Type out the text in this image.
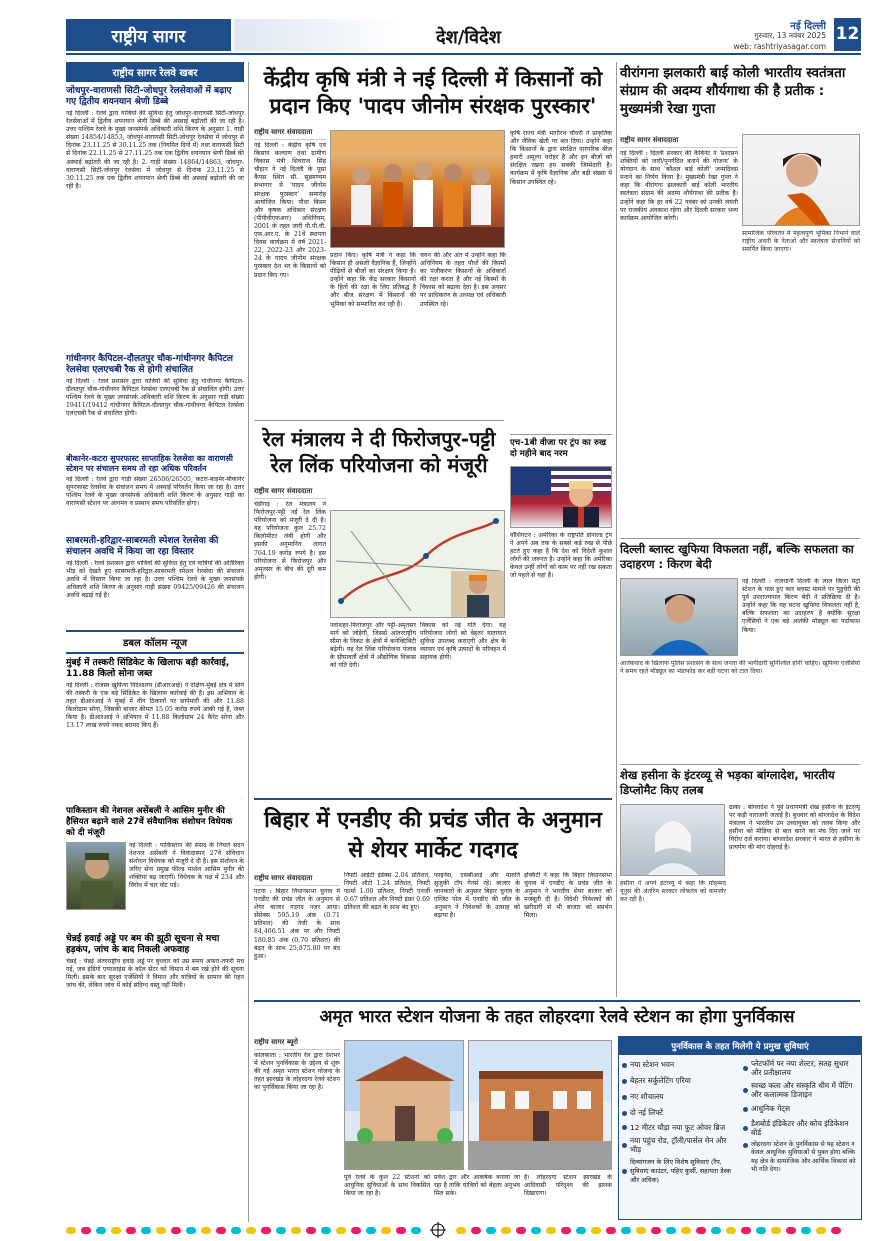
राष्ट्रीय सागर	देश/विदेश
नई दिल्ली
गुरुवार, 13 नवंबर 2025
web: rashtriyasagar.com
12
राष्ट्रीय सागर रेलवे खबर
जोधपुर-वाराणसी सिटी-जोधपुर रेलसेवाओं में बढ़ाए गए द्वितीय शयनयान श्रेणी डिब्बे
नई दिल्ली : रेलवे द्वारा यात्रियों की सुविधा हेतु जोधपुर-वाराणसी सिटी-जोधपुर रेलसेवाओं में द्वितीय शयनयान श्रेणी डिब्बे की अस्थाई बढ़ोतरी की जा रही है। उत्तर पश्चिम रेलवे के मुख्य जनसंपर्क अधिकारी शशि किरण के अनुसार 1. गाड़ी संख्या 14854/14853, जोधपुर-वाराणसी सिटी-जोधपुर रेलसेवा में जोधपुर से दिनांक 23.11.25 से 30.11.25 तक (नियमित दिनों में) तथा वाराणसी सिटी से दिनांक 22.11.25 से 27.11.25 तक एक द्वितीय शयनयान श्रेणी डिब्बे की अस्थाई बढ़ोतरी की जा रही है। 2. गाड़ी संख्या 14864/14863, जोधपुर-वाराणसी सिटी-जोधपुर रेलसेवा में जोधपुर से दिनांक 23.11.25 से 30.11.25 तक एक द्वितीय शयनयान श्रेणी डिब्बे की अस्थाई बढ़ोतरी की जा रही है।
गांधीनगर कैपिटल-दौलतपुर चौक-गांधीनगर कैपिटल रेलसेवा एलएचबी रैक से होगी संचालित
नई दिल्ली : रेलवे प्रशासन द्वारा यात्रियों की सुविधा हेतु गांधीनगर कैपिटल-दौलतपुर चौक-गांधीनगर कैपिटल रेलसेवा एलएचबी रैक से संचालित होगी। उत्तर पश्चिम रेलवे के मुख्य जनसंपर्क अधिकारी शशि किरण के अनुसार गाड़ी संख्या 19411/19412 गांधीनगर कैपिटल-दौलतपुर चौक-गांधीनगर कैपिटल रेलसेवा एलएचबी रैक से संचालित होगी।
बीकानेर-कटरा सुपरफास्ट साप्ताहिक रेलसेवा का वाराणसी स्टेशन पर संचालन समय तो रहा अधिक परिवर्तन
नई दिल्ली : रेलवे द्वारा गाड़ी संख्या 26506/26505, कटरा-बाड़मेर-बीकानेर सुपरफास्ट रेलसेवा के संचालन समय में अस्थाई परिवर्तन किया जा रहा है। उत्तर पश्चिम रेलवे के मुख्य जनसंपर्क अधिकारी शशि किरण के अनुसार गाड़ी का वाराणसी स्टेशन पर आगमन व प्रस्थान समय परिवर्तित होगा।
साबरमती-हरिद्वार-साबरमती स्पेशल रेलसेवा की संचालन अवधि में किया जा रहा विस्तार
नई दिल्ली : रेलवे प्रशासन द्वारा यात्रियों की सुविधा हेतु एवं यात्रियों की अतिरिक्त भीड़ को देखते हुए साबरमती-हरिद्वार-साबरमती स्पेशल रेलसेवा की संचालन अवधि में विस्तार किया जा रहा है। उत्तर पश्चिम रेलवे के मुख्य जनसंपर्क अधिकारी शशि किरण के अनुसार गाड़ी संख्या 09425/09426 की संचालन अवधि बढ़ाई गई है।
डबल कॉलम न्यूज
मुंबई में तस्करी सिंडिकेट के खिलाफ बड़ी कार्रवाई, 11.88 किलो सोना जब्त
नई दिल्ली : राजस्व खुफिया निदेशालय (डीआरआई) ने दक्षिण-मुंबई क्षेत्र में सोने की तस्करी के एक बड़े सिंडिकेट के खिलाफ कार्रवाई की है। इस अभियान के तहत डीआरआई ने मुंबई में तीन ठिकानों पर छापेमारी की और 11.88 किलोग्राम सोना, जिसकी बाजार कीमत 15.05 करोड़ रुपये आंकी गई है, जब्त किया है। डीआरआई ने अभियान में 11.88 किलोग्राम 24 कैरेट सोना और 13.17 लाख रुपये नकद बरामद किए हैं।
पाकिस्तान की नेशनल असेंबली ने आसिम मुनीर की हैसियत बढ़ाने वाले 27वें संवैधानिक संशोधन विधेयक को दी मंजूरी
नई दिल्ली : पाकिस्तान की संसद के निचले सदन नेशनल असेंबली ने विवादास्पद 27वें संविधान संशोधन विधेयक को मंजूरी दे दी है। इस संशोधन के जरिए सेना प्रमुख फील्ड मार्शल आसिम मुनीर की शक्तियां बढ़ जाएंगी। विधेयक के पक्ष में 234 और विरोध में चार वोट पड़े।
चेन्नई हवाई अड्डे पर बम की झूठी सूचना से मचा हड़कंप, जांच के बाद निकली अफवाह
चेन्नई : चेन्नई अंतरराष्ट्रीय हवाई अड्डे पर बुधवार को उस समय अफरा-तफरी मच गई, जब इंडिगो एयरलाइंस के कॉल सेंटर को विमान में बम रखे होने की सूचना मिली। इसके बाद सुरक्षा एजेंसियों ने विमान और यात्रियों के सामान की गहन जांच की, लेकिन जांच में कोई संदिग्ध वस्तु नहीं मिली।
केंद्रीय कृषि मंत्री ने नई दिल्ली में किसानों को प्रदान किए 'पादप जीनोम संरक्षक पुरस्कार'
राष्ट्रीय सागर संवाददाता
नई दिल्ली : केंद्रीय कृषि एवं किसान कल्याण तथा ग्रामीण विकास मंत्री शिवराज सिंह चौहान ने नई दिल्ली के पूसा कैंपस स्थित सी. सुब्रमण्यम सभागार में 'पादप जीनोम संरक्षक पुरस्कार' समारोह आयोजित किया। पौधा किस्म और कृषक अधिकार संरक्षण (पीपीवीएफआर) अधिनियम, 2001 के तहत जारी पी.पी.वी. एफ.आर.ए. के 21वें स्थापना दिवस कार्यक्रम में वर्ष 2021-22, 2022-23 और 2023-24 के पादप जीनोम संरक्षक पुरस्कार देश भर के किसानों को प्रदान किए गए।
प्रदान किए। कृषि मंत्री ने कहा कि किसान ही असली वैज्ञानिक हैं, जिन्होंने पीढ़ियों से बीजों का संरक्षण किया है। उन्होंने कहा कि केंद्र सरकार किसानों के हितों की रक्षा के लिए प्रतिबद्ध है और बीज संरक्षण में किसानों की भूमिका को सम्मानित कर रही है।
चयन की और अंत में उन्होंने कहा कि अधिनियम के तहत पौधों की किस्मों का पंजीकरण किसानों के अधिकारों की रक्षा करता है और नई किस्मों के विकास को बढ़ावा देता है। इस अवसर पर प्राधिकरण के अध्यक्ष एवं अधिकारी उपस्थित रहे।
कृषि राज्य मंत्री भागीरथ चौधरी ने प्राकृतिक और जैविक खेती पर बल दिया। उन्होंने कहा कि किसानों के द्वारा संरक्षित पारंपरिक बीज हमारी अमूल्य धरोहर हैं और इन बीजों को संरक्षित रखना हम सबकी जिम्मेदारी है। कार्यक्रम में कृषि वैज्ञानिक और बड़ी संख्या में किसान उपस्थित रहे।
रेल मंत्रालय ने दी फिरोजपुर-पट्टी रेल लिंक परियोजना को मंजूरी
राष्ट्रीय सागर संवाददाता
चंडीगढ़ : रेल मंत्रालय ने फिरोजपुर-पट्टी नई रेल लिंक परियोजना को मंजूरी दे दी है। यह परियोजना कुल 25.72 किलोमीटर लंबी होगी और इसकी अनुमानित लागत 764.19 करोड़ रुपये है। इस परियोजना से फिरोजपुर और अमृतसर के बीच की दूरी कम होगी।
नवांशहर-फिरोजपुर और पट्टी-अमृतसर मार्ग को जोड़ेगी, जिससे आंतरराष्ट्रीय सीमा के निकट के क्षेत्रों में कनेक्टिविटी बढ़ेगी। यह रेल लिंक परियोजना पंजाब के सीमावर्ती क्षेत्रों में औद्योगिक विकास को गति देगी।
विकास को नई गति देगा। यह परियोजना लोगों को बेहतर यातायात सुविधा उपलब्ध कराएगी और क्षेत्र के व्यापार एवं कृषि उत्पादों के परिवहन में सहायक होगी।
एच-1बी वीजा पर ट्रंप का रुख दो महीने बाद नरम
वॉशिंगटन : अमेरिका के राष्ट्रपति डोनाल्ड ट्रंप ने अपने अब तक के सबसे कड़े रुख से पीछे हटते हुए कहा है कि देश को विदेशी कुशल लोगों की जरूरत है। उन्होंने कहा कि अमेरिका केवल उन्हीं लोगों को काम पर नहीं रख सकता जो पहले से यहां हैं।
वीरांगना झलकारी बाई कोली भारतीय स्वतंत्रता संग्राम की अदम्य शौर्यगाथा की है प्रतीक : मुख्यमंत्री रेखा गुप्ता
राष्ट्रीय सागर संवाददाता
नई दिल्ली : दिल्ली सरकार की कैबिनेट ने 'प्रशासन शक्तियों को जारी/पुनर्गठित बनाने की योजना' के योगदान के साथ 'कौशल बाई कोली' जन्मदिवस मनाने का निर्णय किया है। मुख्यमंत्री रेखा गुप्ता ने कहा कि वीरांगना झलकारी बाई कोली भारतीय स्वतंत्रता संग्राम की अदम्य शौर्यगाथा की प्रतीक हैं। उन्होंने कहा कि हर वर्ष 22 नवंबर को उनकी जयंती पर राजकीय अवकाश रहेगा और दिल्ली सरकार भव्य कार्यक्रम आयोजित करेगी।
सामाजिक परिवर्तन में महत्वपूर्ण भूमिका निभाने वाले राष्ट्रीय अवनी के नेताओं और स्वतंत्रता सेनानियों को समर्पित किया जाएगा।
दिल्ली ब्लास्ट खुफिया विफलता नहीं, बल्कि सफलता का उदाहरण : किरण बेदी
नई दिल्ली : राजधानी दिल्ली के लाल किला मेट्रो स्टेशन के पास हुए कार ब्लास्ट मामले पर पुडुचेरी की पूर्व उपराज्यपाल किरण बेदी ने प्रतिक्रिया दी है। उन्होंने कहा कि यह घटना खुफिया विफलता नहीं है, बल्कि सफलता का उदाहरण है क्योंकि सुरक्षा एजेंसियों ने एक बड़े आतंकी मॉड्यूल का पर्दाफाश किया।
आतंकवाद के खिलाफ पुलिस प्रशासन के साथ जनता की भागीदारी सुनिश्चित होनी चाहिए। खुफिया एजेंसियों ने समय रहते मॉड्यूल का भंडाफोड़ कर बड़ी घटना को टाल दिया।
शेख हसीना के इंटरव्यू से भड़का बांग्लादेश, भारतीय डिप्लोमैट किए तलब
ढाका : बांग्लादेश ने पूर्व प्रधानमंत्री शेख हसीना के इंटरव्यू पर कड़ी नाराजगी जताई है। बुधवार को बांग्लादेश के विदेश मंत्रालय ने भारतीय उप उच्चायुक्त को तलब किया और हसीना को मीडिया से बात करने का मंच दिए जाने पर विरोध दर्ज कराया। बांग्लादेश सरकार ने भारत से हसीना के प्रत्यर्पण की मांग दोहराई है।
हसीना ने अपने इंटरव्यू में कहा कि मोहम्मद यूनुस की अंतरिम सरकार लोकतंत्र को कमजोर कर रही है।
बिहार में एनडीए की प्रचंड जीत के अनुमान से शेयर मार्केट गदगद
राष्ट्रीय सागर संवाददाता
पटना : बिहार विधानसभा चुनाव में एनडीए की प्रचंड जीत के अनुमान से शेयर बाजार गदगद नजर आया। सेंसेक्स 595.19 अंक (0.71 प्रतिशत) की तेजी के साथ 84,466.51 अंक पर और निफ्टी 180.85 अंक (0.70 प्रतिशत) की बढ़त के साथ 25,875.80 पर बंद हुआ।
निफ्टी आईटी इंडेक्स 2.04 प्रतिशत, निफ्टी ऑटो 1.24 प्रतिशत, निफ्टी फार्मा 1.00 प्रतिशत, निफ्टी एनर्जी 0.67 प्रतिशत और निफ्टी इंफ्रा 0.69 प्रतिशत की बढ़त के साथ बंद हुए।
फाइनेंस, एसबीआई और मारुति सुजुकी टॉप गेनर्स रहे। बाजार के जानकारों के अनुसार बिहार चुनाव के एग्जिट पोल में एनडीए की जीत के अनुमान ने निवेशकों के उत्साह को बढ़ाया है।
इक्विटी ने कहा कि बिहार विधानसभा चुनाव में एनडीए के प्रचंड जीत के अनुमान ने भारतीय शेयर बाजार को मजबूती दी है। विदेशी निवेशकों की खरीदारी से भी बाजार को समर्थन मिला।
अमृत भारत स्टेशन योजना के तहत लोहरदगा रेलवे स्टेशन का होगा पुनर्विकास
राष्ट्रीय सागर ब्यूरो
कोलकाता : भारतीय रेल द्वारा देशभर में स्टेशन पुनर्विकास के उद्देश्य से शुरू की गई अमृत भारत स्टेशन योजना के तहत झारखंड के लोहरदगा रेलवे स्टेशन का पुनर्विकास किया जा रहा है।
पूर्व रेलवे के कुल 22 स्टेशनों को आधुनिक सुविधाओं के साथ विकसित किया जा रहा है।
प्रवेश द्वार और आकर्षक बनाया जा रहा है ताकि यात्रियों को बेहतर अनुभव मिल सके।
है। लोहरदगा स्टेशन झारखंड के आदिवासी परिदृश्य की झलक दिखाएगा।
पुनर्विकास के तहत मिलेगी ये प्रमुख सुविधाएं
नया स्टेशन भवन
बेहतर सर्कुलेटिंग एरिया
नए शौचालय
दो नई लिफ्टें
12 मीटर चौड़ा नया फुट ओवर ब्रिज
नया पहुंच रोड, ट्रॉली/पार्सल मेन और भीड़
दिव्यांगजन के लिए विशेष सुविधाएं (रैंप, सुविधाएं काउंटर, पहिए कुर्सी, सहायता डेस्क और अधिक)
प्लेटफॉर्म पर नया शेल्टर, सतह सुधार और प्रतीक्षालय
स्वच्छ कला और संस्कृति थीम में पेंटिंग और कलात्मक डिजाइन
आधुनिक गेट्स
डैशबोर्ड इंडिकेटर और कोच इंडिकेशन बोर्ड
लोहरदगा स्टेशन के पुनर्विकास से यह स्टेशन न केवल आधुनिक सुविधाओं से युक्त होगा बल्कि यह क्षेत्र के सामाजिक और आर्थिक विकास को भी गति देगा।
